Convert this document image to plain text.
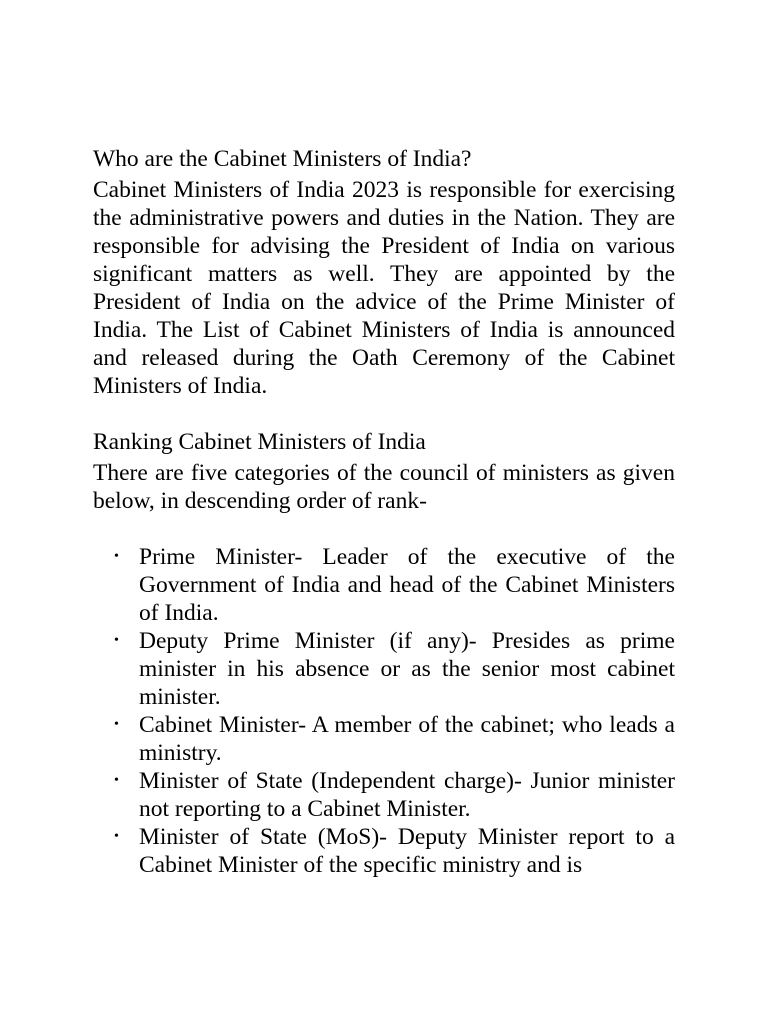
Who are the Cabinet Ministers of India?

Cabinet Ministers of India 2023 is responsible for exercising the administrative powers and duties in the Nation. They are responsible for advising the President of India on various significant matters as well. They are appointed by the President of India on the advice of the Prime Minister of India. The List of Cabinet Ministers of India is announced and released during the Oath Ceremony of the Cabinet Ministers of India.

Ranking Cabinet Ministers of India

There are five categories of the council of ministers as given below, in descending order of rank-

• Prime Minister- Leader of the executive of the Government of India and head of the Cabinet Ministers of India.
• Deputy Prime Minister (if any)- Presides as prime minister in his absence or as the senior most cabinet minister.
• Cabinet Minister- A member of the cabinet; who leads a ministry.
• Minister of State (Independent charge)- Junior minister not reporting to a Cabinet Minister.
• Minister of State (MoS)- Deputy Minister report to a Cabinet Minister of the specific ministry and is
